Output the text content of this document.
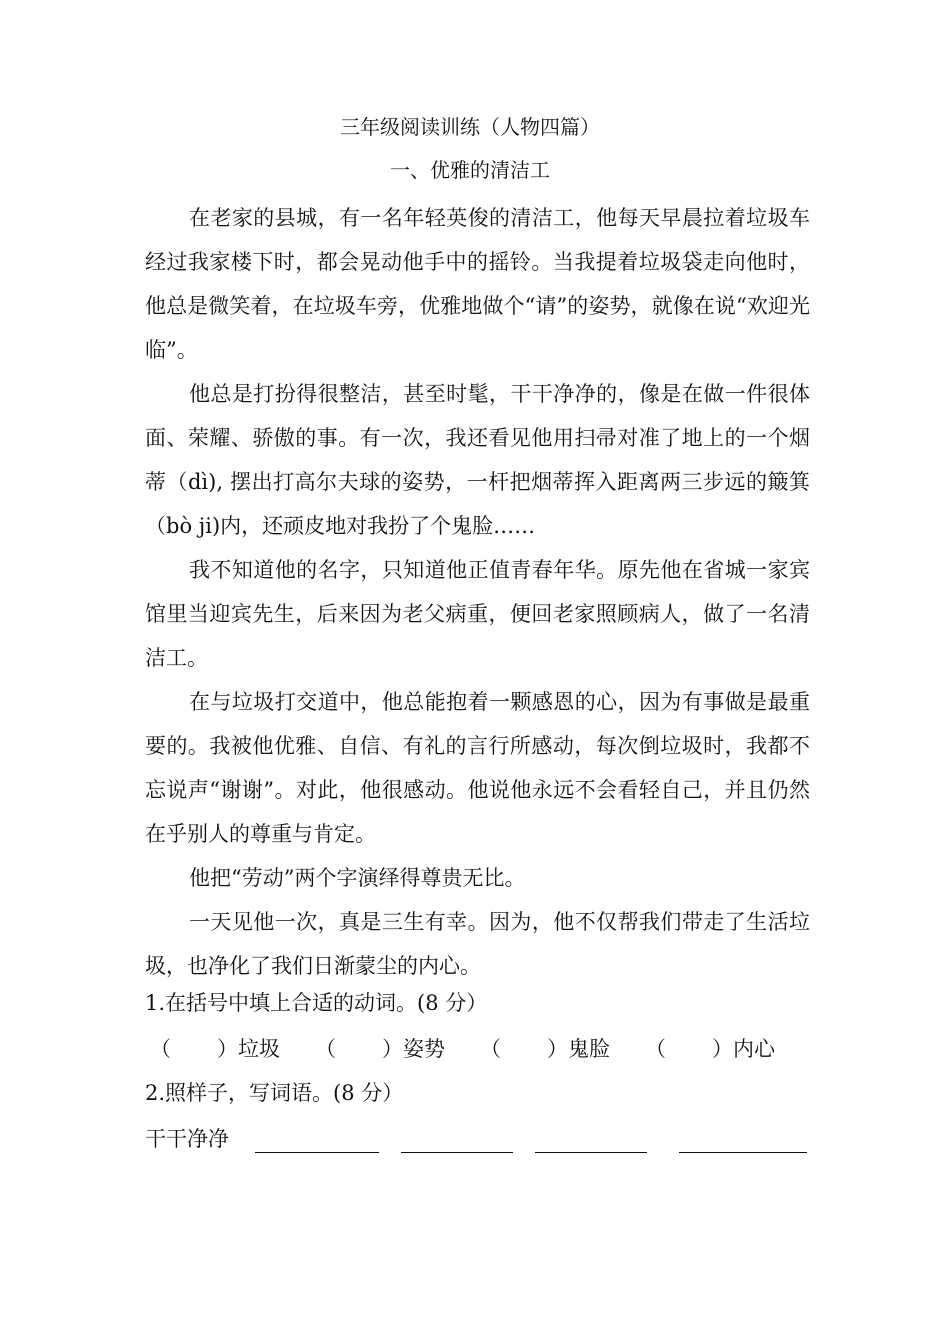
三年级阅读训练（人物四篇）
一、优雅的清洁工

在老家的县城，有一名年轻英俊的清洁工，他每天早晨拉着垃圾车经过我家楼下时，都会晃动他手中的摇铃。当我提着垃圾袋走向他时，他总是微笑着，在垃圾车旁，优雅地做个“请”的姿势，就像在说“欢迎光临”。

他总是打扮得很整洁，甚至时髦，干干净净的，像是在做一件很体面、荣耀、骄傲的事。有一次，我还看见他用扫帚对准了地上的一个烟蒂（dì), 摆出打高尔夫球的姿势，一杆把烟蒂挥入距离两三步远的簸箕（bò ji)内，还顽皮地对我扮了个鬼脸……

我不知道他的名字，只知道他正值青春年华。原先他在省城一家宾馆里当迎宾先生，后来因为老父病重，便回老家照顾病人，做了一名清洁工。

在与垃圾打交道中，他总能抱着一颗感恩的心，因为有事做是最重要的。我被他优雅、自信、有礼的言行所感动，每次倒垃圾时，我都不忘说声“谢谢”。对此，他很感动。他说他永远不会看轻自己，并且仍然在乎别人的尊重与肯定。

他把“劳动”两个字演绎得尊贵无比。

一天见他一次，真是三生有幸。因为，他不仅帮我们带走了生活垃圾，也净化了我们日渐蒙尘的内心。

1.在括号中填上合适的动词。(8 分）
（ ）垃圾	（ ）姿势	（ ）鬼脸	（ ）内心
2.照样子，写词语。(8 分）
干干净净
